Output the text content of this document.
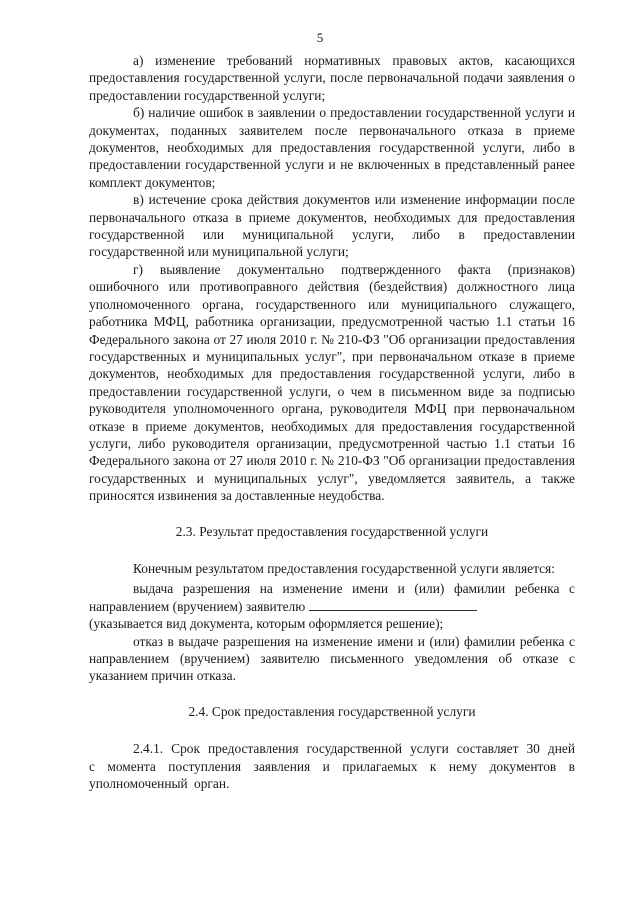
5

а) изменение требований нормативных правовых актов, касающихся предоставления государственной услуги, после первоначальной подачи заявления о предоставлении государственной услуги;

б) наличие ошибок в заявлении о предоставлении государственной услуги и документах, поданных заявителем после первоначального отказа в приеме документов, необходимых для предоставления государственной услуги, либо в предоставлении государственной услуги и не включенных в представленный ранее комплект документов;

в) истечение срока действия документов или изменение информации после первоначального отказа в приеме документов, необходимых для предоставления государственной или муниципальной услуги, либо в предоставлении государственной или муниципальной услуги;

г) выявление документально подтвержденного факта (признаков) ошибочного или противоправного действия (бездействия) должностного лица уполномоченного органа, государственного или муниципального служащего, работника МФЦ, работника организации, предусмотренной частью 1.1 статьи 16 Федерального закона от 27 июля 2010 г. № 210-ФЗ "Об организации предоставления государственных и муниципальных услуг", при первоначальном отказе в приеме документов, необходимых для предоставления государственной услуги, либо в предоставлении государственной услуги, о чем в письменном виде за подписью руководителя уполномоченного органа, руководителя МФЦ при первоначальном отказе в приеме документов, необходимых для предоставления государственной услуги, либо руководителя организации, предусмотренной частью 1.1 статьи 16 Федерального закона от 27 июля 2010 г. № 210-ФЗ "Об организации предоставления государственных и муниципальных услуг", уведомляется заявитель, а также приносятся извинения за доставленные неудобства.

2.3. Результат предоставления государственной услуги

Конечным результатом предоставления государственной услуги является:

выдача разрешения на изменение имени и (или) фамилии ребенка с направлением (вручением) заявителю

(указывается вид документа, которым оформляется решение);

отказ в выдаче разрешения на изменение имени и (или) фамилии ребенка с направлением (вручением) заявителю письменного уведомления об отказе с указанием причин отказа.

2.4. Срок предоставления государственной услуги

2.4.1. Срок предоставления государственной услуги составляет 30 дней с момента поступления заявления и прилагаемых к нему документов в уполномоченный орган.
